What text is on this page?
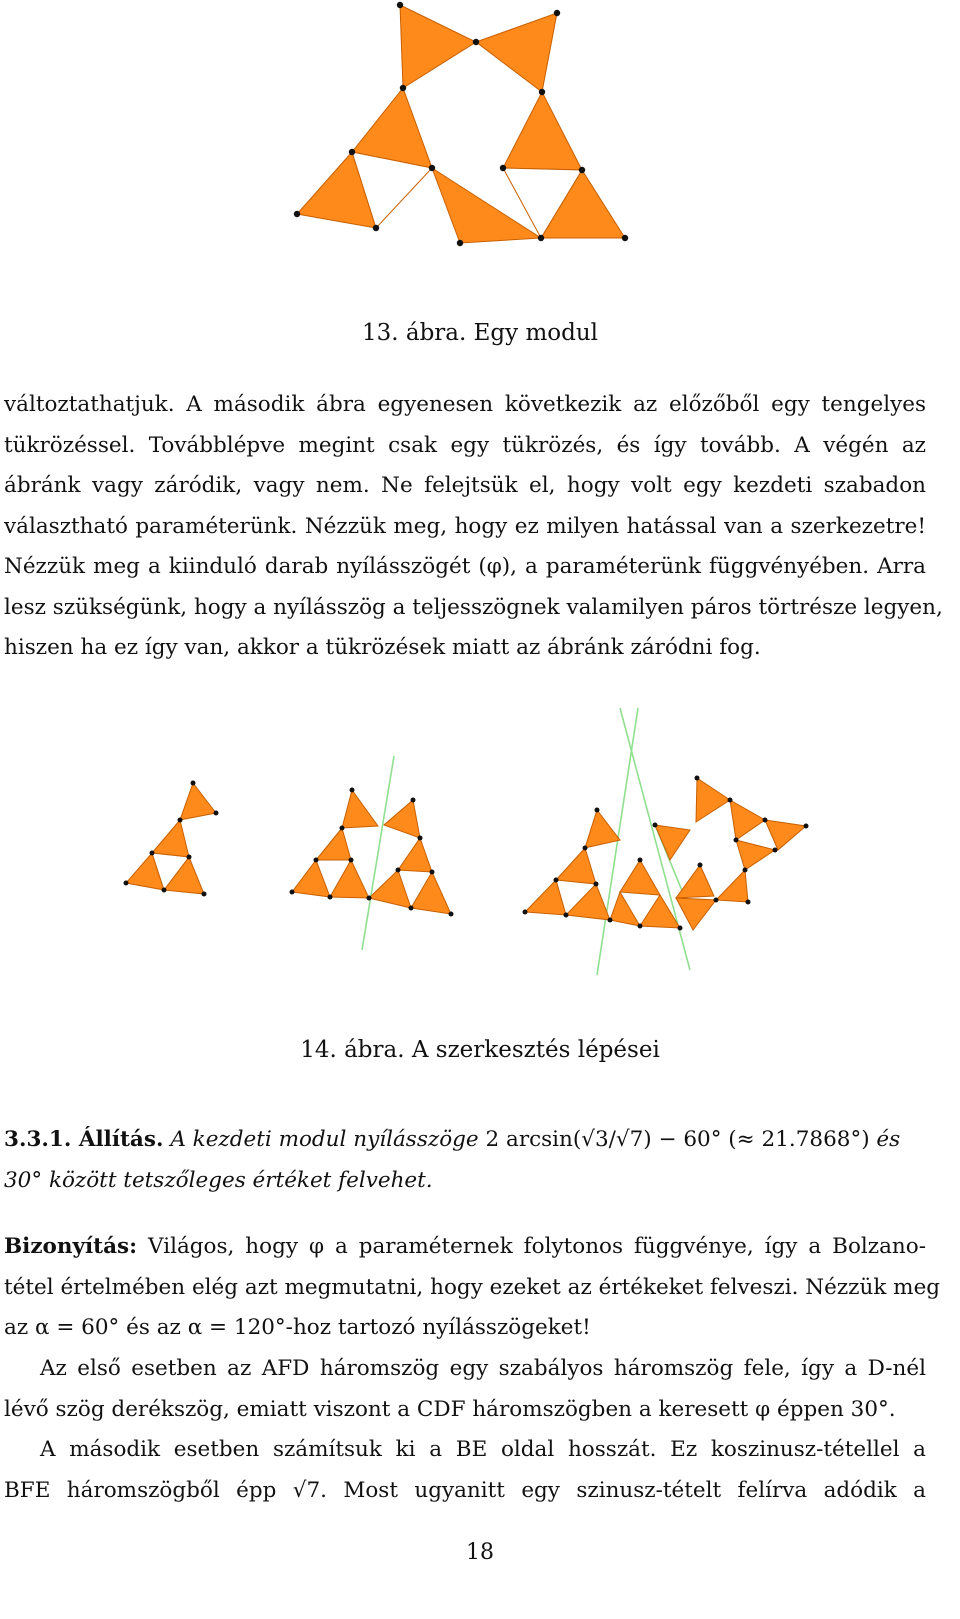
13. ábra. Egy modul
változtathatjuk. A második ábra egyenesen következik az előzőből egy tengelyes
tükrözéssel. Továbblépve megint csak egy tükrözés, és így tovább. A végén az
ábránk vagy záródik, vagy nem. Ne felejtsük el, hogy volt egy kezdeti szabadon
választható paraméterünk. Nézzük meg, hogy ez milyen hatással van a szerkezetre!
Nézzük meg a kiinduló darab nyílásszögét (φ), a paraméterünk függvényében. Arra
lesz szükségünk, hogy a nyílásszög a teljesszögnek valamilyen páros törtrésze legyen,
hiszen ha ez így van, akkor a tükrözések miatt az ábránk záródni fog.
14. ábra. A szerkesztés lépései
3.3.1. Állítás. A kezdeti modul nyílásszöge 2 arcsin(√3/√7) − 60° (≈ 21.7868°) és
30° között tetszőleges értéket felvehet.
Bizonyítás: Világos, hogy φ a paraméternek folytonos függvénye, így a Bolzano-
tétel értelmében elég azt megmutatni, hogy ezeket az értékeket felveszi. Nézzük meg
az α = 60° és az α = 120°-hoz tartozó nyílásszögeket!
Az első esetben az AFD háromszög egy szabályos háromszög fele, így a D-nél
lévő szög derékszög, emiatt viszont a CDF háromszögben a keresett φ éppen 30°.
A második esetben számítsuk ki a BE oldal hosszát. Ez koszinusz-tétellel a
BFE háromszögből épp √7. Most ugyanitt egy szinusz-tételt felírva adódik a
18
